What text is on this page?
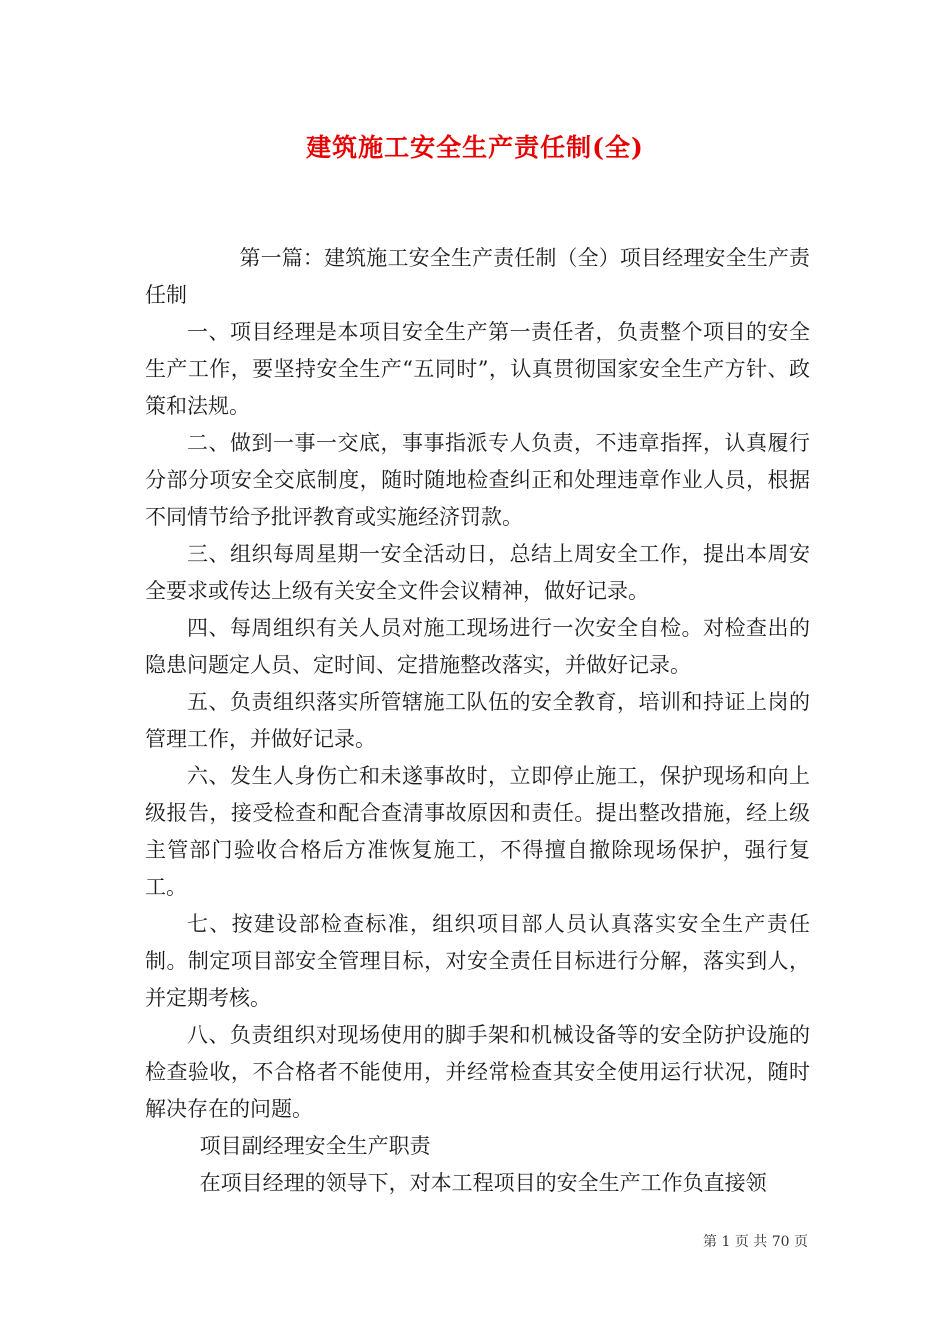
建筑施工安全生产责任制(全)

第一篇：建筑施工安全生产责任制（全）项目经理安全生产责任制

一、项目经理是本项目安全生产第一责任者，负责整个项目的安全生产工作，要坚持安全生产“五同时”，认真贯彻国家安全生产方针、政策和法规。

二、做到一事一交底，事事指派专人负责，不违章指挥，认真履行分部分项安全交底制度，随时随地检查纠正和处理违章作业人员，根据不同情节给予批评教育或实施经济罚款。

三、组织每周星期一安全活动日，总结上周安全工作，提出本周安全要求或传达上级有关安全文件会议精神，做好记录。

四、每周组织有关人员对施工现场进行一次安全自检。对检查出的隐患问题定人员、定时间、定措施整改落实，并做好记录。

五、负责组织落实所管辖施工队伍的安全教育，培训和持证上岗的管理工作，并做好记录。

六、发生人身伤亡和未遂事故时，立即停止施工，保护现场和向上级报告，接受检查和配合查清事故原因和责任。提出整改措施，经上级主管部门验收合格后方准恢复施工，不得擅自撤除现场保护，强行复工。

七、按建设部检查标准，组织项目部人员认真落实安全生产责任制。制定项目部安全管理目标，对安全责任目标进行分解，落实到人，并定期考核。

八、负责组织对现场使用的脚手架和机械设备等的安全防护设施的检查验收，不合格者不能使用，并经常检查其安全使用运行状况，随时解决存在的问题。

项目副经理安全生产职责

在项目经理的领导下，对本工程项目的安全生产工作负直接领

第 1 页 共 70 页
